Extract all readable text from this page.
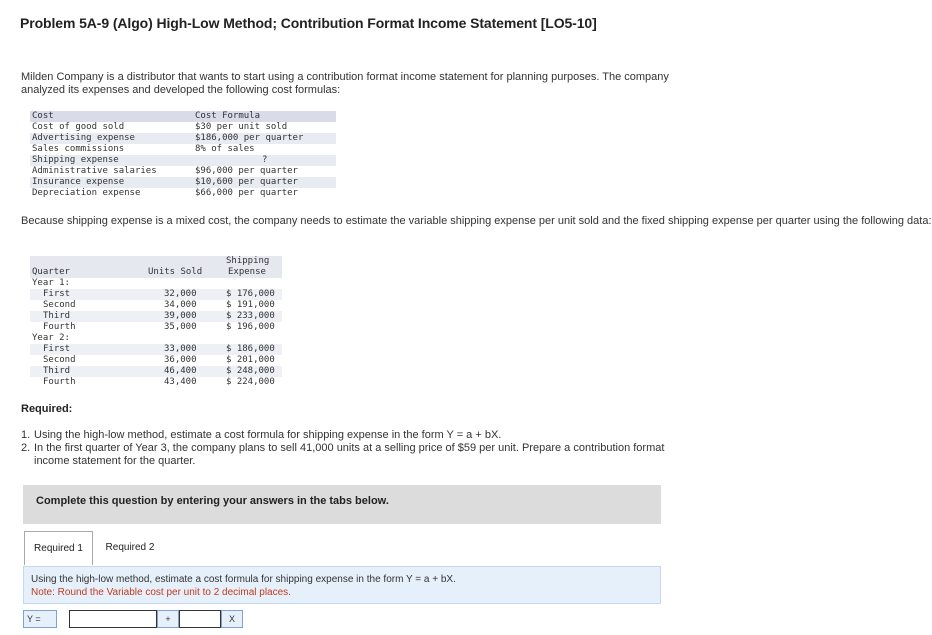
Problem 5A-9 (Algo) High-Low Method; Contribution Format Income Statement [LO5-10]
Milden Company is a distributor that wants to start using a contribution format income statement for planning purposes. The company analyzed its expenses and developed the following cost formulas:
Cost	Cost Formula
Cost of good sold	$30 per unit sold
Advertising expense	$186,000 per quarter
Sales commissions	8% of sales
Shipping expense	?
Administrative salaries	$96,000 per quarter
Insurance expense	$10,600 per quarter
Depreciation expense	$66,000 per quarter
Because shipping expense is a mixed cost, the company needs to estimate the variable shipping expense per unit sold and the fixed shipping expense per quarter using the following data:
Quarter	Units Sold
Shipping
Expense
Year 1:
First	32,000	$ 176,000
Second	34,000	$ 191,000
Third	39,000	$ 233,000
Fourth	35,000	$ 196,000
Year 2:
First	33,000	$ 186,000
Second	36,000	$ 201,000
Third	46,400	$ 248,000
Fourth	43,400	$ 224,000
Required:
1. Using the high-low method, estimate a cost formula for shipping expense in the form Y = a + bX.
2. In the first quarter of Year 3, the company plans to sell 41,000 units at a selling price of $59 per unit. Prepare a contribution format
income statement for the quarter.
Complete this question by entering your answers in the tabs below.
Required 1	Required 2
Using the high-low method, estimate a cost formula for shipping expense in the form Y = a + bX.
Note: Round the Variable cost per unit to 2 decimal places.
Y =	+	X
